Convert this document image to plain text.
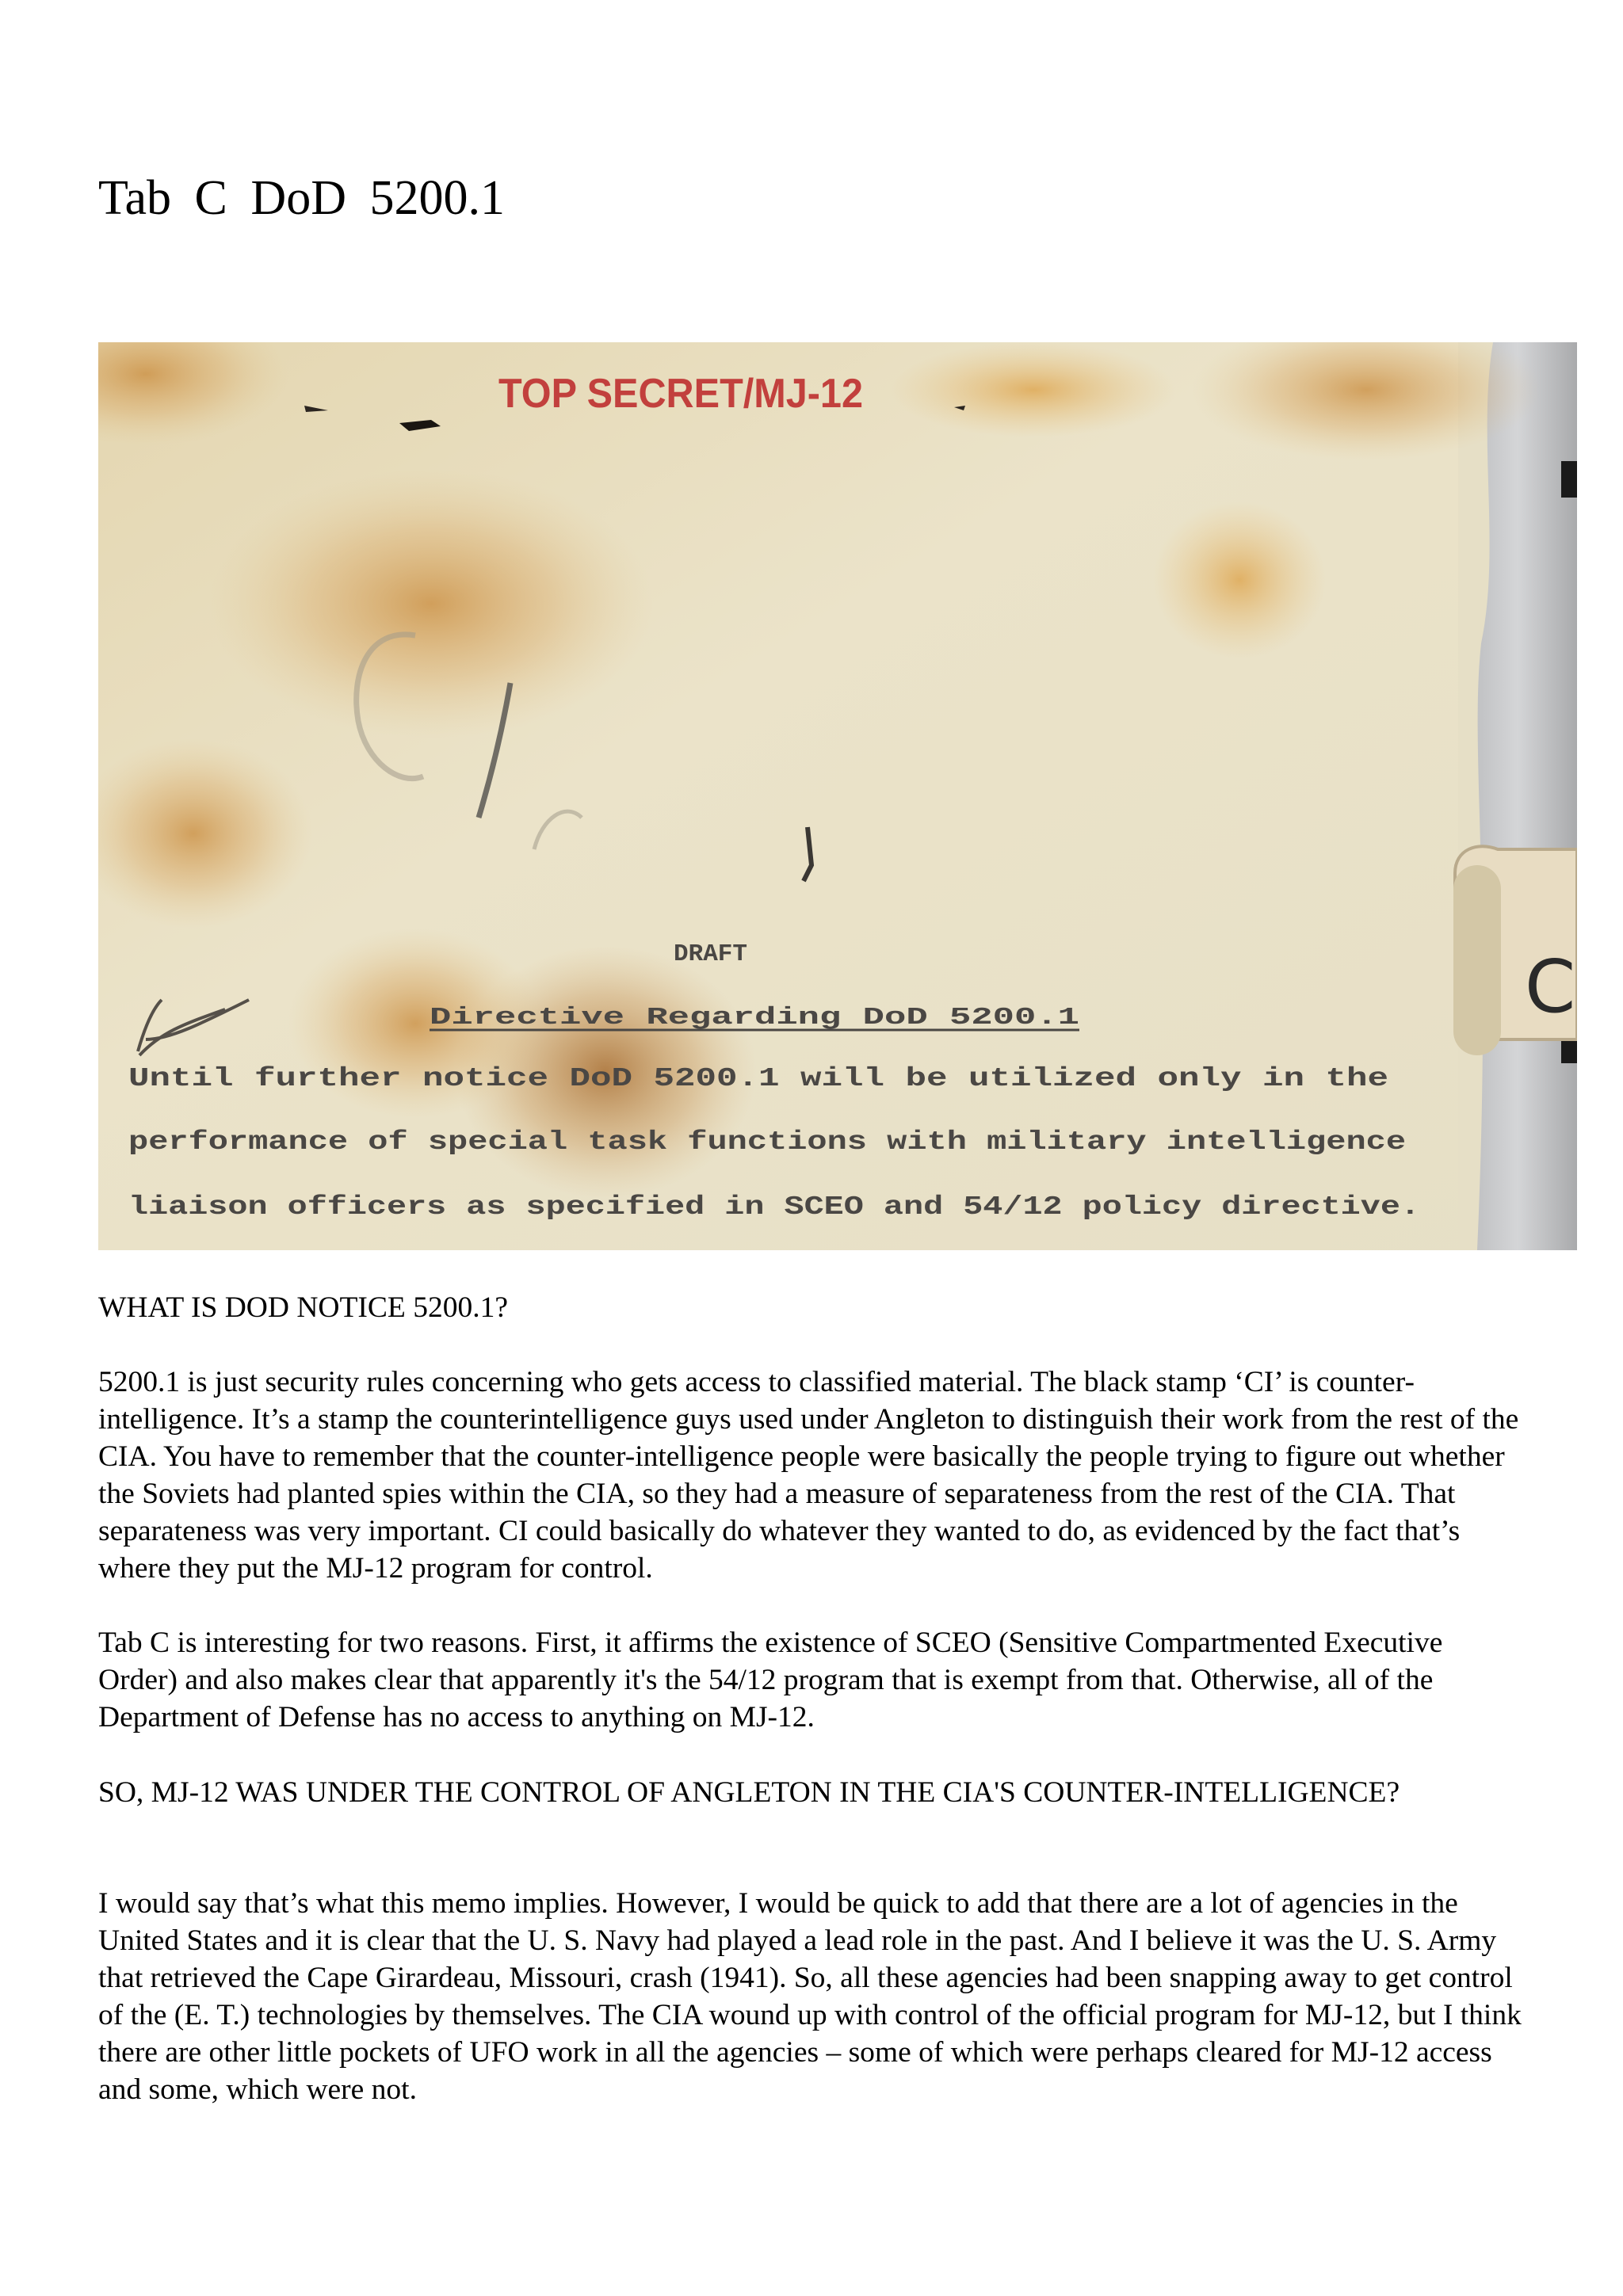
Tab C DoD 5200.1
TOP SECRET/MJ-12
C
DRAFT
Directive Regarding DoD 5200.1
Until further notice DoD 5200.1 will be utilized only in the
performance of special task functions with military intelligence
liaison officers as specified in SCEO and 54/12 policy directive.

WHAT IS DOD NOTICE 5200.1?

5200.1 is just security rules concerning who gets access to classified material. The black stamp ‘CI’ is counter-intelligence. It’s a stamp the counterintelligence guys used under Angleton to distinguish their work from the rest of the CIA. You have to remember that the counter-intelligence people were basically the people trying to figure out whether the Soviets had planted spies within the CIA, so they had a measure of separateness from the rest of the CIA. That separateness was very important. CI could basically do whatever they wanted to do, as evidenced by the fact that’s where they put the MJ-12 program for control.

Tab C is interesting for two reasons. First, it affirms the existence of SCEO (Sensitive Compartmented Executive Order) and also makes clear that apparently it's the 54/12 program that is exempt from that. Otherwise, all of the Department of Defense has no access to anything on MJ-12.

SO, MJ-12 WAS UNDER THE CONTROL OF ANGLETON IN THE CIA'S COUNTER-INTELLIGENCE?

I would say that’s what this memo implies. However, I would be quick to add that there are a lot of agencies in the United States and it is clear that the U. S. Navy had played a lead role in the past. And I believe it was the U. S. Army that retrieved the Cape Girardeau, Missouri, crash (1941). So, all these agencies had been snapping away to get control of the (E. T.) technologies by themselves. The CIA wound up with control of the official program for MJ-12, but I think there are other little pockets of UFO work in all the agencies – some of which were perhaps cleared for MJ-12 access and some, which were not.
